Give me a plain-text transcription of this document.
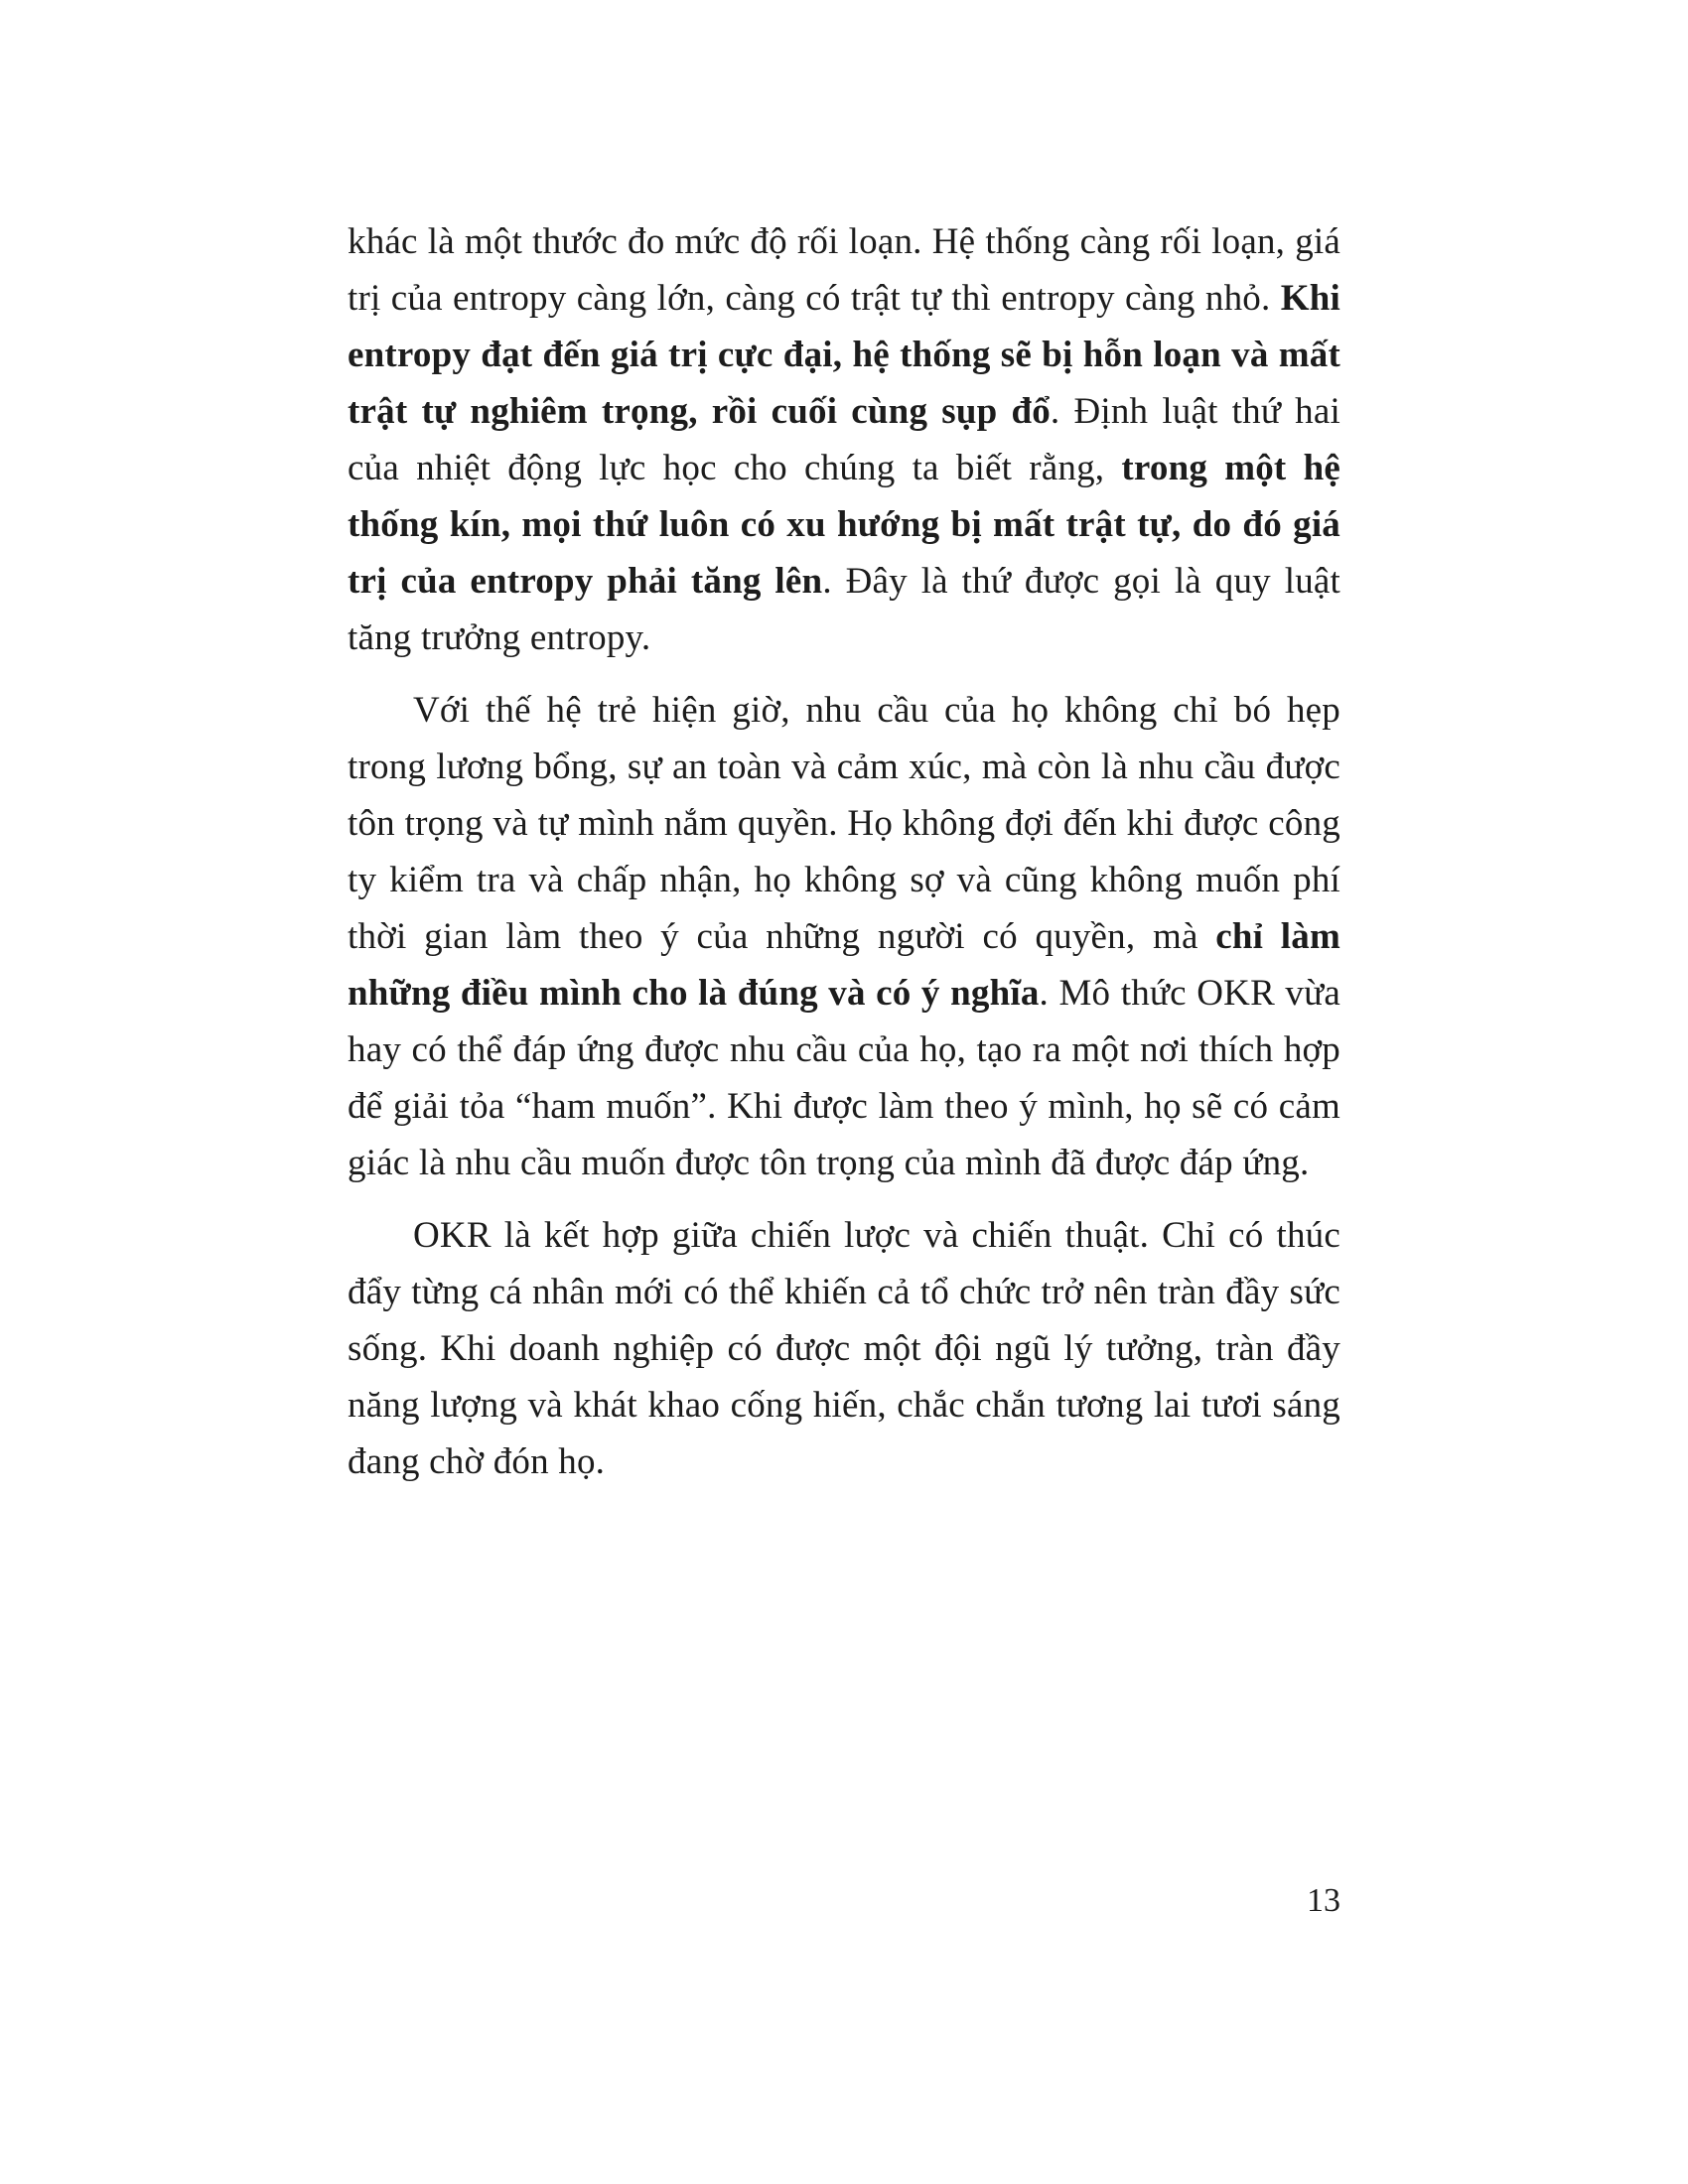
khác là một thước đo mức độ rối loạn. Hệ thống càng rối loạn, giá trị của entropy càng lớn, càng có trật tự thì entropy càng nhỏ. Khi entropy đạt đến giá trị cực đại, hệ thống sẽ bị hỗn loạn và mất trật tự nghiêm trọng, rồi cuối cùng sụp đổ. Định luật thứ hai của nhiệt động lực học cho chúng ta biết rằng, trong một hệ thống kín, mọi thứ luôn có xu hướng bị mất trật tự, do đó giá trị của entropy phải tăng lên. Đây là thứ được gọi là quy luật tăng trưởng entropy.

Với thế hệ trẻ hiện giờ, nhu cầu của họ không chỉ bó hẹp trong lương bổng, sự an toàn và cảm xúc, mà còn là nhu cầu được tôn trọng và tự mình nắm quyền. Họ không đợi đến khi được công ty kiểm tra và chấp nhận, họ không sợ và cũng không muốn phí thời gian làm theo ý của những người có quyền, mà chỉ làm những điều mình cho là đúng và có ý nghĩa. Mô thức OKR vừa hay có thể đáp ứng được nhu cầu của họ, tạo ra một nơi thích hợp để giải tỏa “ham muốn”. Khi được làm theo ý mình, họ sẽ có cảm giác là nhu cầu muốn được tôn trọng của mình đã được đáp ứng.

OKR là kết hợp giữa chiến lược và chiến thuật. Chỉ có thúc đẩy từng cá nhân mới có thể khiến cả tổ chức trở nên tràn đầy sức sống. Khi doanh nghiệp có được một đội ngũ lý tưởng, tràn đầy năng lượng và khát khao cống hiến, chắc chắn tương lai tươi sáng đang chờ đón họ.

13
